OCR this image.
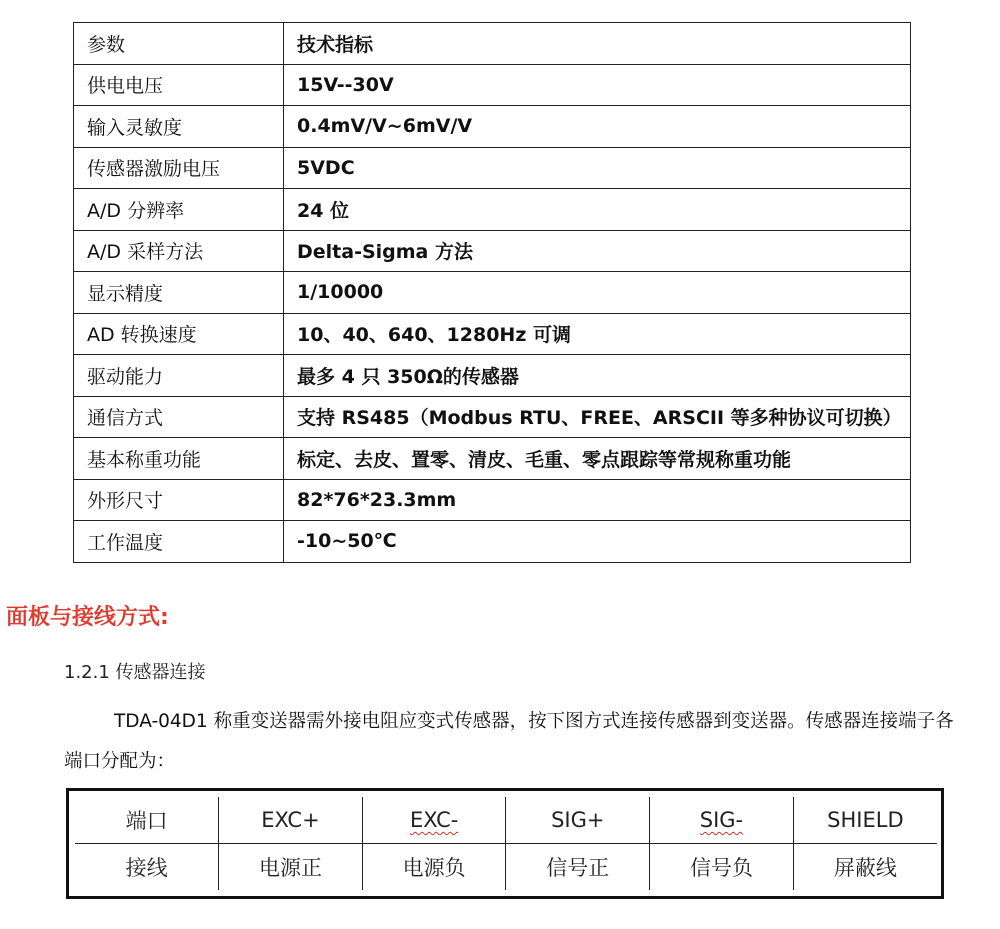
参数	技术指标
供电电压	15V--30V
输入灵敏度	0.4mV/V~6mV/V
传感器激励电压	5VDC
A/D 分辨率	24 位
A/D 采样方法	Delta-Sigma 方法
显示精度	1/10000
AD 转换速度	10、40、640、1280Hz 可调
驱动能力	最多 4 只 350Ω的传感器
通信方式	支持 RS485（Modbus RTU、FREE、ARSCII 等多种协议可切换）
基本称重功能	标定、去皮、置零、清皮、毛重、零点跟踪等常规称重功能
外形尺寸	82*76*23.3mm
工作温度	-10~50℃
面板与接线方式:

1.2.1 传感器连接

TDA-04D1 称重变送器需外接电阻应变式传感器，按下图方式连接传感器到变送器。传感器连接端子各端口分配为：

端口	EXC+	EXC-	SIG+	SIG-	SHIELD
接线	电源正	电源负	信号正	信号负	屏蔽线
